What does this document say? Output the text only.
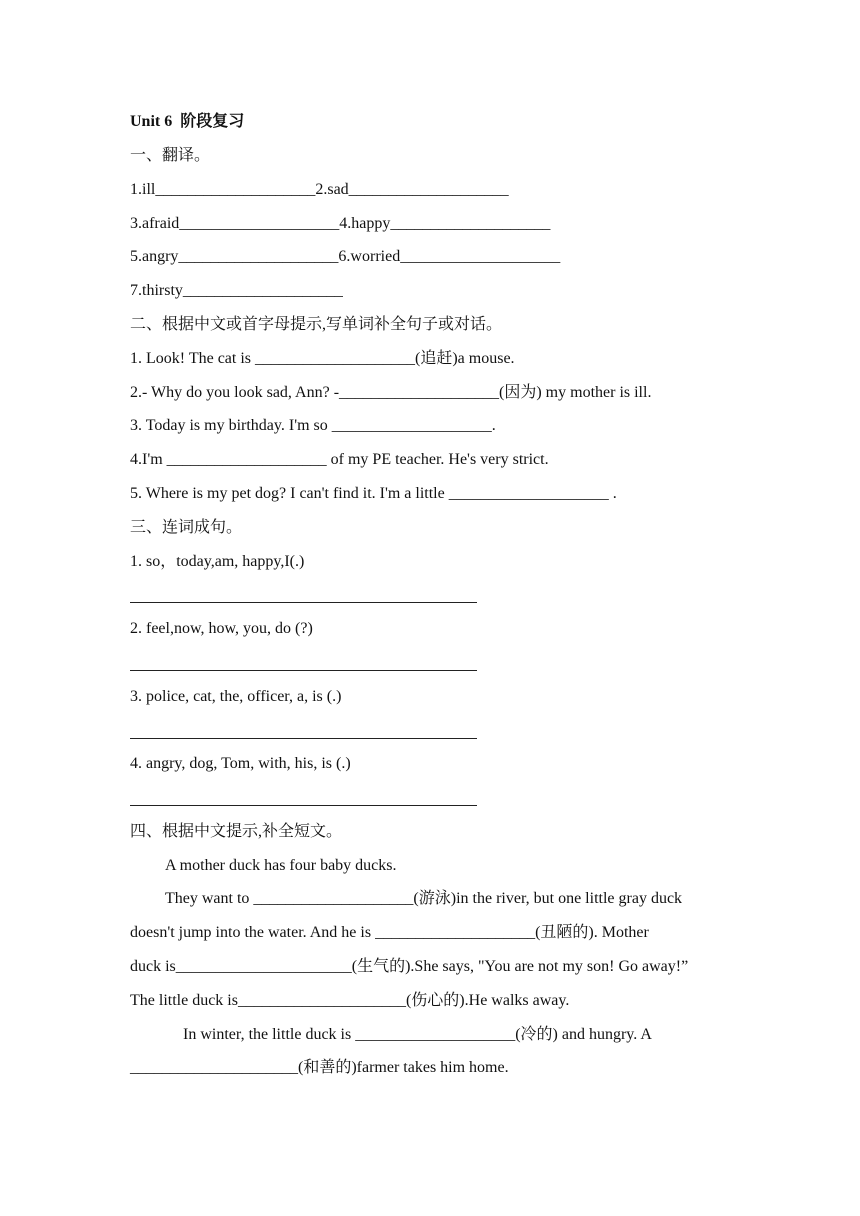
Unit 6  阶段复习
一、翻译。
1.ill____________________2.sad____________________
3.afraid____________________4.happy____________________
5.angry____________________6.worried____________________
7.thirsty____________________
二、根据中文或首字母提示,写单词补全句子或对话。
1. Look! The cat is ____________________(追赶)a mouse.
2.- Why do you look sad, Ann? -____________________(因为) my mother is ill.
3. Today is my birthday. I'm so ____________________.
4.I'm ____________________ of my PE teacher. He's very strict.
5. Where is my pet dog? I can't find it. I'm a little ____________________ .
三、连词成句。
1. so，today,am, happy,I(.)
2. feel,now, how, you, do (?)
3. police, cat, the, officer, a, is (.)
4. angry, dog, Tom, with, his, is (.)
四、根据中文提示,补全短文。
A mother duck has four baby ducks.
They want to ____________________(游泳)in the river, but one little gray duck
doesn't jump into the water. And he is ____________________(丑陋的). Mother
duck is______________________(生气的).She says, "You are not my son! Go away!”
The little duck is_____________________(伤心的).He walks away.
In winter, the little duck is ____________________(冷的) and hungry. A
_____________________(和善的)farmer takes him home.
